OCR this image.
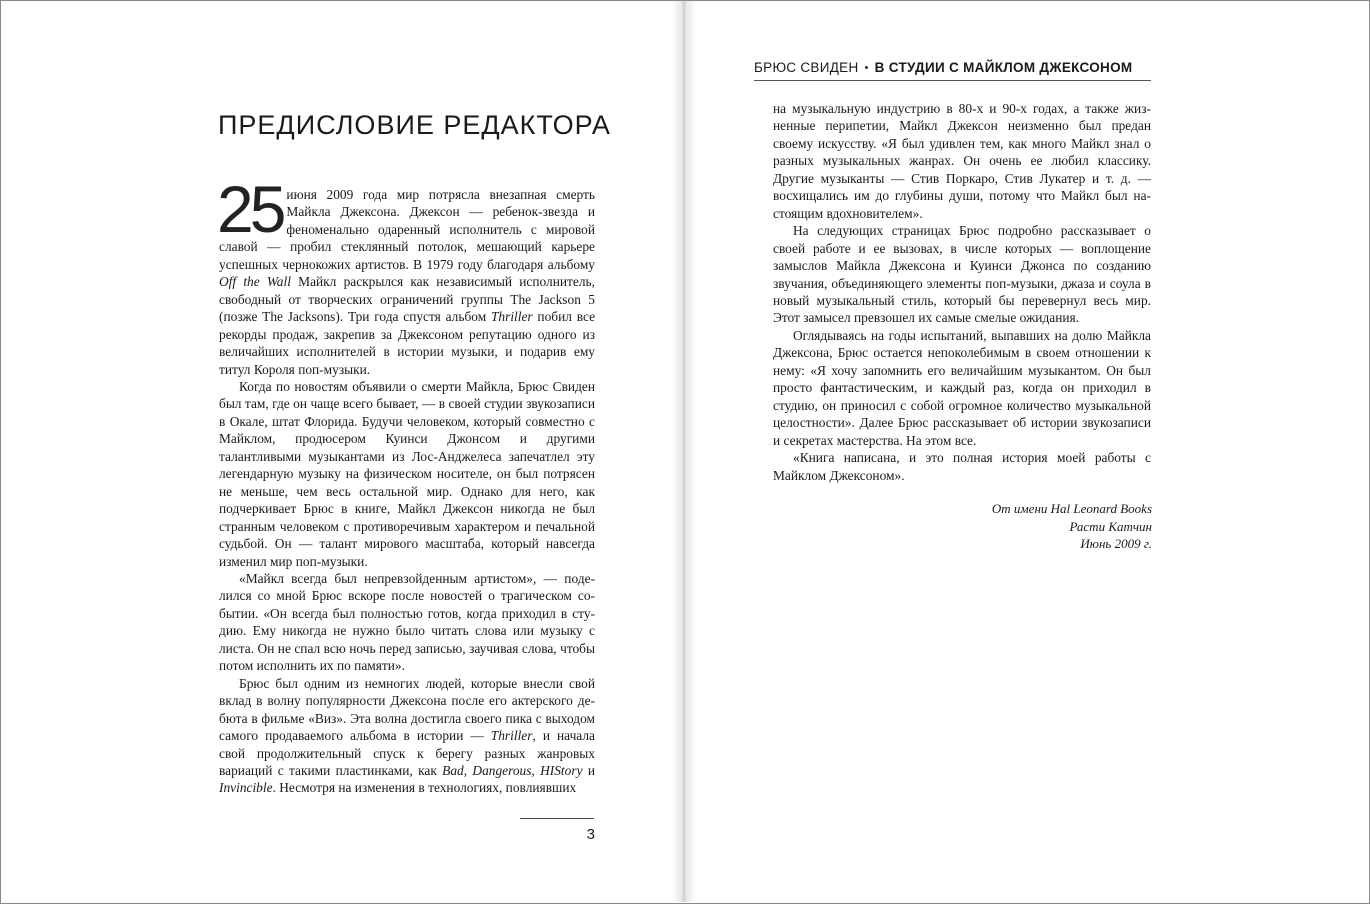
ПРЕДИСЛОВИЕ РЕДАКТОРА
25 июня 2009 года мир потрясла внезапная смерть Майкла Джексона. Джексон — ребенок-звезда и феноменально одаренный исполнитель с мировой славой — пробил стеклянный потолок, мешающий карьере успешных чернокожих артистов. В 1979 году благодаря альбому Off the Wall Майкл раскрылся как независимый исполнитель, свободный от творческих ограничений группы The Jackson 5 (позже The Jacksons). Три года спустя альбом Thriller побил все рекорды продаж, закрепив за Джексоном репутацию одного из величайших исполнителей в истории музыки, и подарив ему титул Короля поп-музыки.

Когда по новостям объявили о смерти Майкла, Брюс Свиден был там, где он чаще всего бывает, — в своей студии звукозаписи в Окале, штат Флорида. Будучи человеком, который совместно с Майклом, продюсером Куинси Джонсом и другими талантливыми музыкантами из Лос-Анджелеса запечатлел эту легендарную музыку на физическом носителе, он был потрясен не меньше, чем весь остальной мир. Однако для него, как подчеркивает Брюс в книге, Майкл Джексон никогда не был странным человеком с противоречивым характером и печальной судьбой. Он — талант мирового масштаба, который навсегда изменил мир поп-музыки.

«Майкл всегда был непревзойденным артистом», — поделился со мной Брюс вскоре после новостей о трагическом событии. «Он всегда был полностью готов, когда приходил в студию. Ему никогда не нужно было читать слова или музыку с листа. Он не спал всю ночь перед записью, заучивая слова, чтобы потом исполнить их по памяти».

Брюс был одним из немногих людей, которые внесли свой вклад в волну популярности Джексона после его актерского дебюта в фильме «Виз». Эта волна достигла своего пика с выходом самого продаваемого альбома в истории — Thriller, и начала свой продолжительный спуск к берегу разных жанровых вариаций с такими пластинками, как Bad, Dangerous, HIStory и Invincible. Несмотря на изменения в технологиях, повлиявших

3
БРЮС СВИДЕН • В СТУДИИ С МАЙКЛОМ ДЖЕКСОНОМ

на музыкальную индустрию в 80-х и 90-х годах, а также жизненные перипетии, Майкл Джексон неизменно был предан своему искусству. «Я был удивлен тем, как много Майкл знал о разных музыкальных жанрах. Он очень ее любил классику. Другие музыканты — Стив Поркаро, Стив Лукатер и т. д. — восхищались им до глубины души, потому что Майкл был настоящим вдохновителем».

На следующих страницах Брюс подробно рассказывает о своей работе и ее вызовах, в числе которых — воплощение замыслов Майкла Джексона и Куинси Джонса по созданию звучания, объединяющего элементы поп-музыки, джаза и соула в новый музыкальный стиль, который бы перевернул весь мир. Этот замысел превзошел их самые смелые ожидания.

Оглядываясь на годы испытаний, выпавших на долю Майкла Джексона, Брюс остается непоколебимым в своем отношении к нему: «Я хочу запомнить его величайшим музыкантом. Он был просто фантастическим, и каждый раз, когда он приходил в студию, он приносил с собой огромное количество музыкальной целостности». Далее Брюс рассказывает об истории звукозаписи и секретах мастерства. На этом все.

«Книга написана, и это полная история моей работы с Майклом Джексоном».

От имени Hal Leonard Books
Расти Катчин
Июнь 2009 г.
